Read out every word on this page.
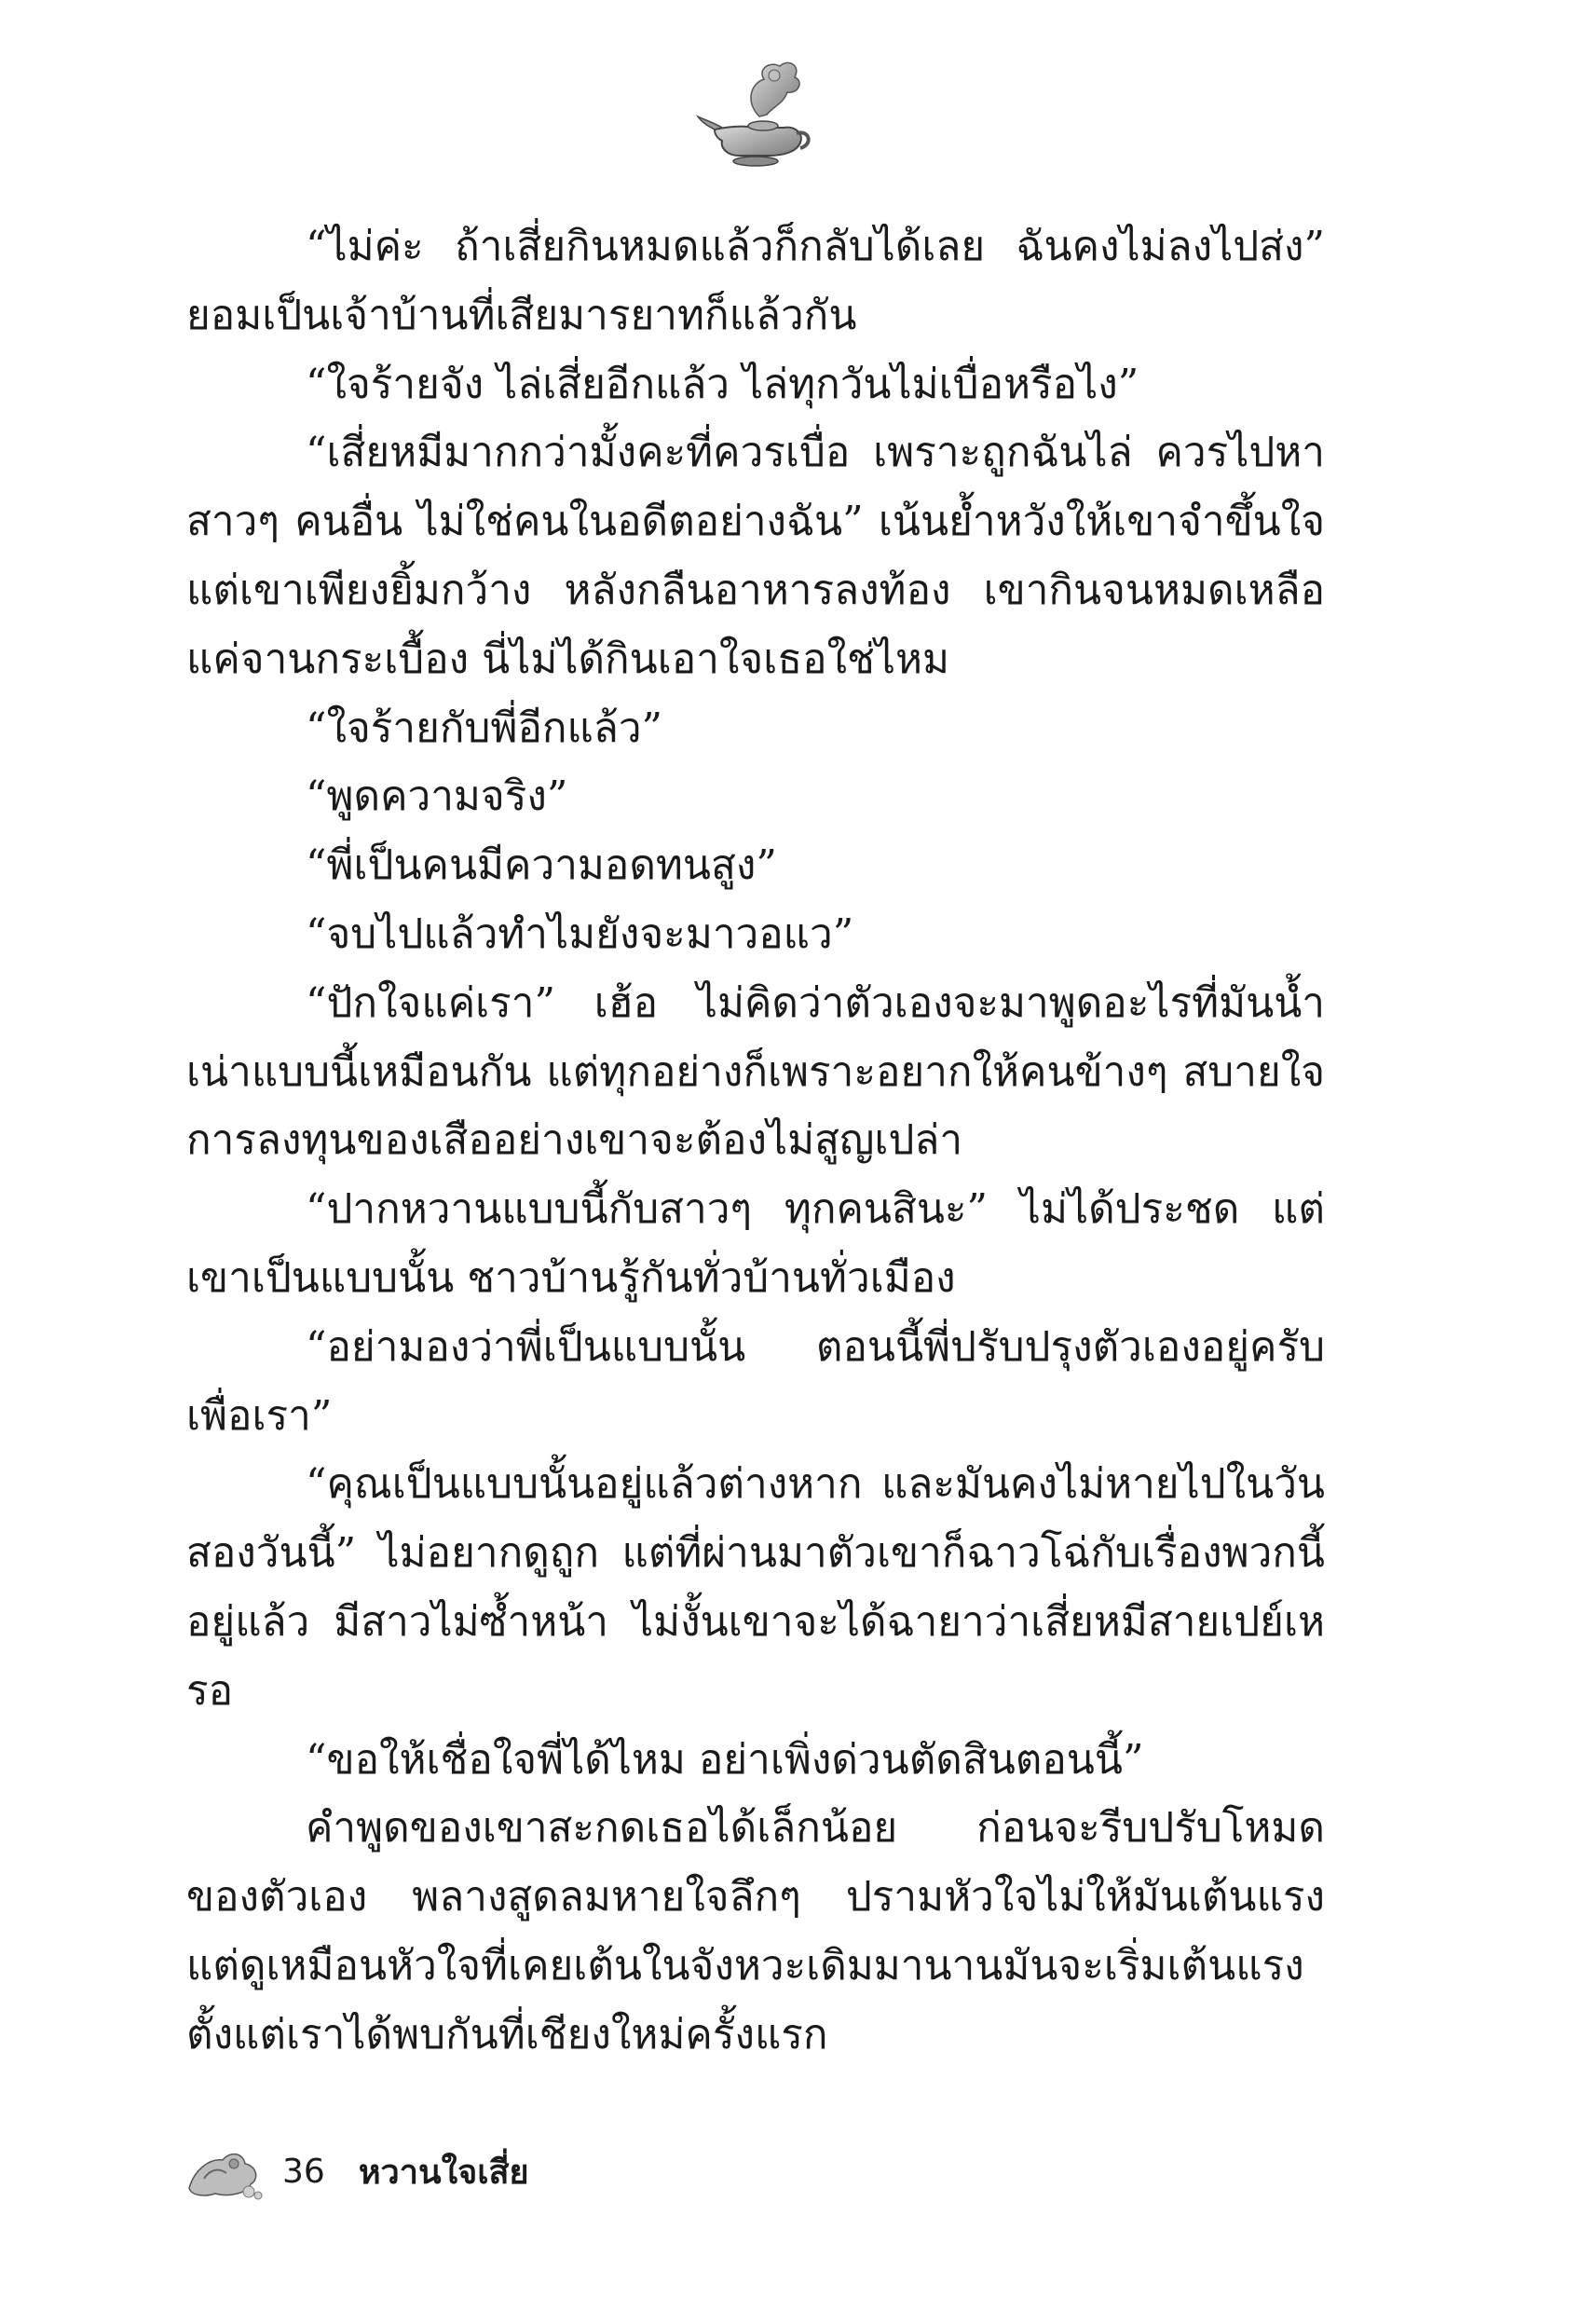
“ไม่ค่ะ ถ้าเสี่ยกินหมดแล้วก็กลับได้เลย ฉันคงไม่ลงไปส่ง” ยอมเป็นเจ้าบ้านที่เสียมารยาทก็แล้วกัน

“ใจร้ายจัง ไล่เสี่ยอีกแล้ว ไล่ทุกวันไม่เบื่อหรือไง”

“เสี่ยหมีมากกว่ามั้งคะที่ควรเบื่อ เพราะถูกฉันไล่ ควรไปหาสาวๆ คนอื่น ไม่ใช่คนในอดีตอย่างฉัน” เน้นย้ำหวังให้เขาจำขึ้นใจ แต่เขาเพียงยิ้มกว้าง หลังกลืนอาหารลงท้อง เขากินจนหมดเหลือแค่จานกระเบื้อง นี่ไม่ได้กินเอาใจเธอใช่ไหม

“ใจร้ายกับพี่อีกแล้ว”

“พูดความจริง”

“พี่เป็นคนมีความอดทนสูง”

“จบไปแล้วทำไมยังจะมาวอแว”

“ปักใจแค่เรา” เฮ้อ ไม่คิดว่าตัวเองจะมาพูดอะไรที่มันน้ำเน่าแบบนี้เหมือนกัน แต่ทุกอย่างก็เพราะอยากให้คนข้างๆ สบายใจ การลงทุนของเสืออย่างเขาจะต้องไม่สูญเปล่า

“ปากหวานแบบนี้กับสาวๆ ทุกคนสินะ” ไม่ได้ประชด แต่เขาเป็นแบบนั้น ชาวบ้านรู้กันทั่วบ้านทั่วเมือง

“อย่ามองว่าพี่เป็นแบบนั้น ตอนนี้พี่ปรับปรุงตัวเองอยู่ครับเพื่อเรา”

“คุณเป็นแบบนั้นอยู่แล้วต่างหาก และมันคงไม่หายไปในวันสองวันนี้” ไม่อยากดูถูก แต่ที่ผ่านมาตัวเขาก็ฉาวโฉ่กับเรื่องพวกนี้อยู่แล้ว มีสาวไม่ซ้ำหน้า ไม่งั้นเขาจะได้ฉายาว่าเสี่ยหมีสายเปย์เหรอ

“ขอให้เชื่อใจพี่ได้ไหม อย่าเพิ่งด่วนตัดสินตอนนี้”

คำพูดของเขาสะกดเธอได้เล็กน้อย ก่อนจะรีบปรับโหมดของตัวเอง พลางสูดลมหายใจลึกๆ ปรามหัวใจไม่ให้มันเต้นแรง แต่ดูเหมือนหัวใจที่เคยเต้นในจังหวะเดิมมานานมันจะเริ่มเต้นแรง ตั้งแต่เราได้พบกันที่เชียงใหม่ครั้งแรก

36 หวานใจเสี่ย
